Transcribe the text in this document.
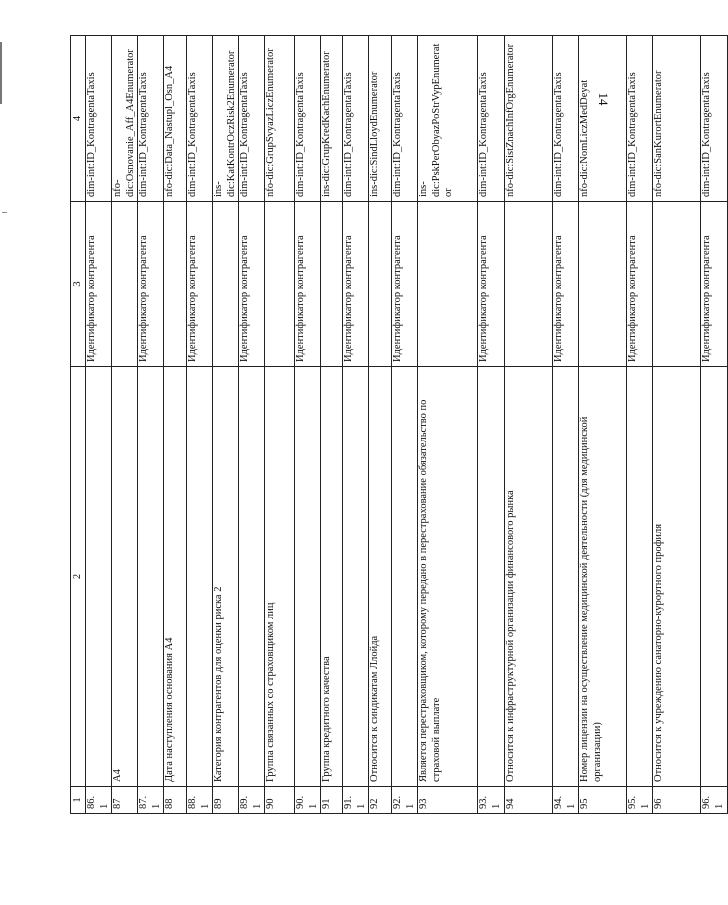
14
1	2	3	4
86.1		Идентификатор контрагента	dim-int:ID_KontragentaTaxis
87	A4		nfo-dic:Osnovanie_Aff_A4Enumerator
87.1		Идентификатор контрагента	dim-int:ID_KontragentaTaxis
88	Дата наступления основания A4		nfo-dic:Data_Nastupl_Osn_A4
88.1		Идентификатор контрагента	dim-int:ID_KontragentaTaxis
89	Категория контрагентов для оценки риска 2		ins-dic:KatKontrOczRisk2Enumerator
89.1		Идентификатор контрагента	dim-int:ID_KontragentaTaxis
90	Группа связанных со страховщиком лиц		nfo-dic:GrupSvyazLiczEnumerator
90.1		Идентификатор контрагента	dim-int:ID_KontragentaTaxis
91	Группа кредитного качества		ins-dic:GrupKredKachEnumerator
91.1		Идентификатор контрагента	dim-int:ID_KontragentaTaxis
92	Относится к синдикатам Ллойда		ins-dic:SindLloydEnumerator
92.1		Идентификатор контрагента	dim-int:ID_KontragentaTaxis
93	Является перестраховщиком, которому передано в перестрахование обязательство по страховой выплате		ins-dic:PskPerObyazPoStrVypEnumerator
93.1		Идентификатор контрагента	dim-int:ID_KontragentaTaxis
94	Относится к инфраструктурной организации финансового рынка		nfo-dic:SistZnachInfOrgEnumerator
94.1		Идентификатор контрагента	dim-int:ID_KontragentaTaxis
95	Номер лицензии на осуществление медицинской деятельности (для медицинской организации)		nfo-dic:NomLiczMedDeyat
95.1		Идентификатор контрагента	dim-int:ID_KontragentaTaxis
96	Относится к учреждению санаторно-курортного профиля		nfo-dic:SanKurortEnumerator
96.1		Идентификатор контрагента	dim-int:ID_KontragentaTaxis
